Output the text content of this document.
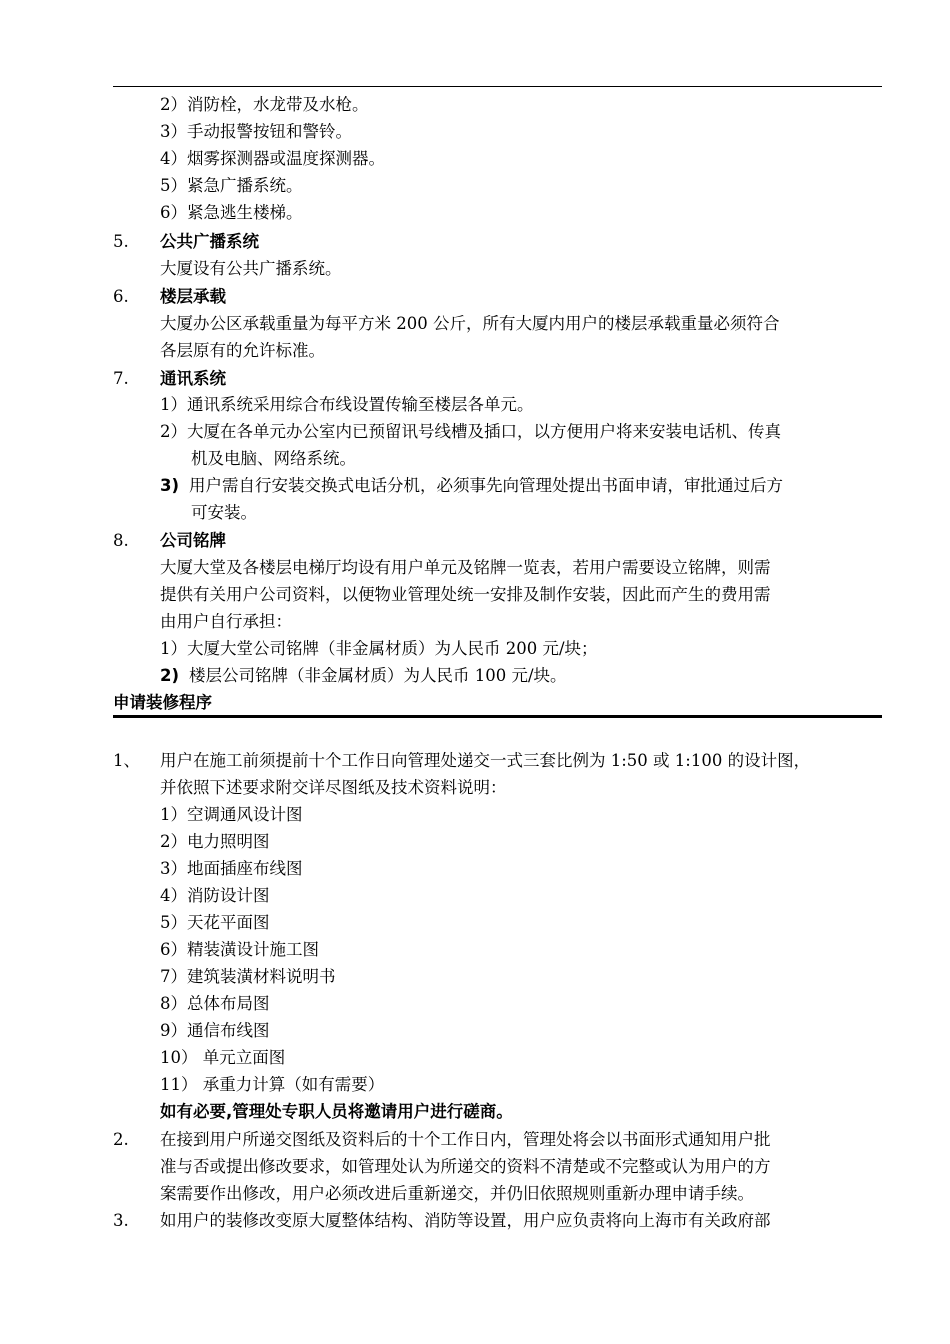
2）消防栓，水龙带及水枪。
3）手动报警按钮和警铃。
4）烟雾探测器或温度探测器。
5）紧急广播系统。
6）紧急逃生楼梯。
5. 公共广播系统
大厦设有公共广播系统。
6. 楼层承载
大厦办公区承载重量为每平方米 200 公斤，所有大厦内用户的楼层承载重量必须符合
各层原有的允许标准。
7. 通讯系统
1）通讯系统采用综合布线设置传输至楼层各单元。
2）大厦在各单元办公室内已预留讯号线槽及插口，以方便用户将来安装电话机、传真
机及电脑、网络系统。
3) 用户需自行安装交换式电话分机，必须事先向管理处提出书面申请，审批通过后方
可安装。
8. 公司铭牌
大厦大堂及各楼层电梯厅均设有用户单元及铭牌一览表，若用户需要设立铭牌，则需
提供有关用户公司资料，以便物业管理处统一安排及制作安装，因此而产生的费用需
由用户自行承担：
1）大厦大堂公司铭牌（非金属材质）为人民币 200 元/块；
2) 楼层公司铭牌（非金属材质）为人民币 100 元/块。
申请装修程序
1、 用户在施工前须提前十个工作日向管理处递交一式三套比例为 1:50 或 1:100 的设计图，
并依照下述要求附交详尽图纸及技术资料说明：
1）空调通风设计图
2）电力照明图
3）地面插座布线图
4）消防设计图
5）天花平面图
6）精装潢设计施工图
7）建筑装潢材料说明书
8）总体布局图
9）通信布线图
10） 单元立面图
11） 承重力计算（如有需要）
如有必要,管理处专职人员将邀请用户进行磋商。
2. 在接到用户所递交图纸及资料后的十个工作日内，管理处将会以书面形式通知用户批
准与否或提出修改要求，如管理处认为所递交的资料不清楚或不完整或认为用户的方
案需要作出修改，用户必须改进后重新递交，并仍旧依照规则重新办理申请手续。
3. 如用户的装修改变原大厦整体结构、消防等设置，用户应负责将向上海市有关政府部
